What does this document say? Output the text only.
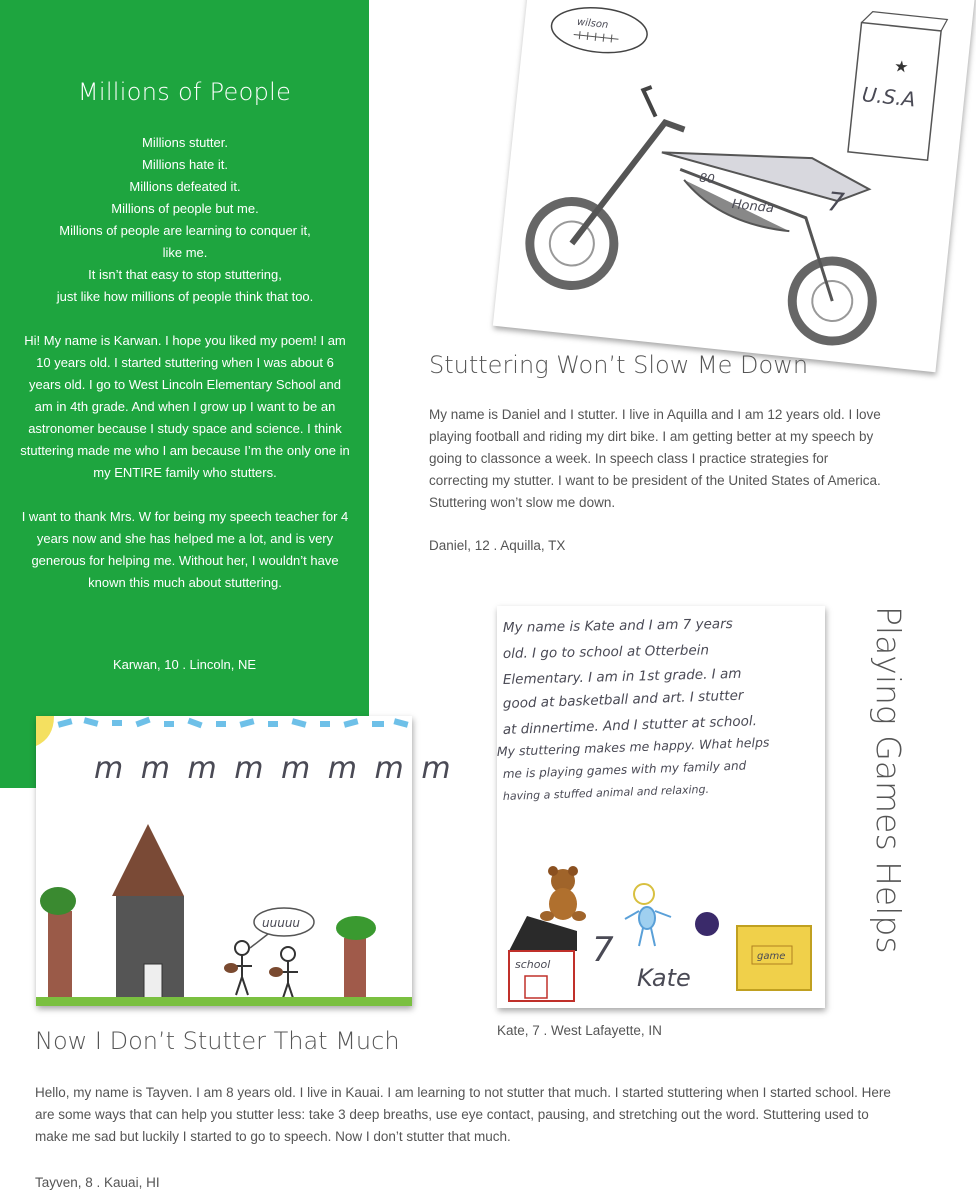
Millions of People

Millions stutter.
Millions hate it.
Millions defeated it.
Millions of people but me.
Millions of people are learning to conquer it,
like me.
It isn’t that easy to stop stuttering,
just like how millions of people think that too.

Hi! My name is Karwan. I hope you liked my poem! I am 10 years old. I started stuttering when I was about 6 years old. I go to West Lincoln Elementary School and am in 4th grade. And when I grow up I want to be an astronomer because I study space and science. I think stuttering made me who I am because I’m the only one in my ENTIRE family who stutters.

I want to thank Mrs. W for being my speech teacher for 4 years now and she has helped me a lot, and is very generous for helping me. Without her, I wouldn’t have known this much about stuttering.

Karwan, 10 . Lincoln, NE
wilson
★
U.S.A
80
Honda 7
Stuttering Won’t Slow Me Down

My name is Daniel and I stutter. I live in Aquilla and I am 12 years old. I love playing football and riding my dirt bike. I am getting better at my speech by going to classonce a week. In speech class I practice strategies for correcting my stutter. I want to be president of the United States of America. Stuttering won’t slow me down.

Daniel, 12 . Aquilla, TX
My name is Kate and I am 7 years
old. I go to school at Otterbein
Elementary. I am in 1st grade. I am
good at basketball and art. I stutter
at dinnertime. And I stutter at school.
My stuttering makes me happy. What helps
me is playing games with my family and
having a stuffed animal and relaxing.
school 7
Kate
game
Playing Games Helps
Kate, 7 . West Lafayette, IN
m m m m m m m m
uuuuu
Now I Don’t Stutter That Much

Hello, my name is Tayven. I am 8 years old. I live in Kauai. I am learning to not stutter that much. I started stuttering when I started school. Here are some ways that can help you stutter less: take 3 deep breaths, use eye contact, pausing, and stretching out the word. Stuttering used to make me sad but luckily I started to go to speech. Now I don’t stutter that much.

Tayven, 8 . Kauai, HI
